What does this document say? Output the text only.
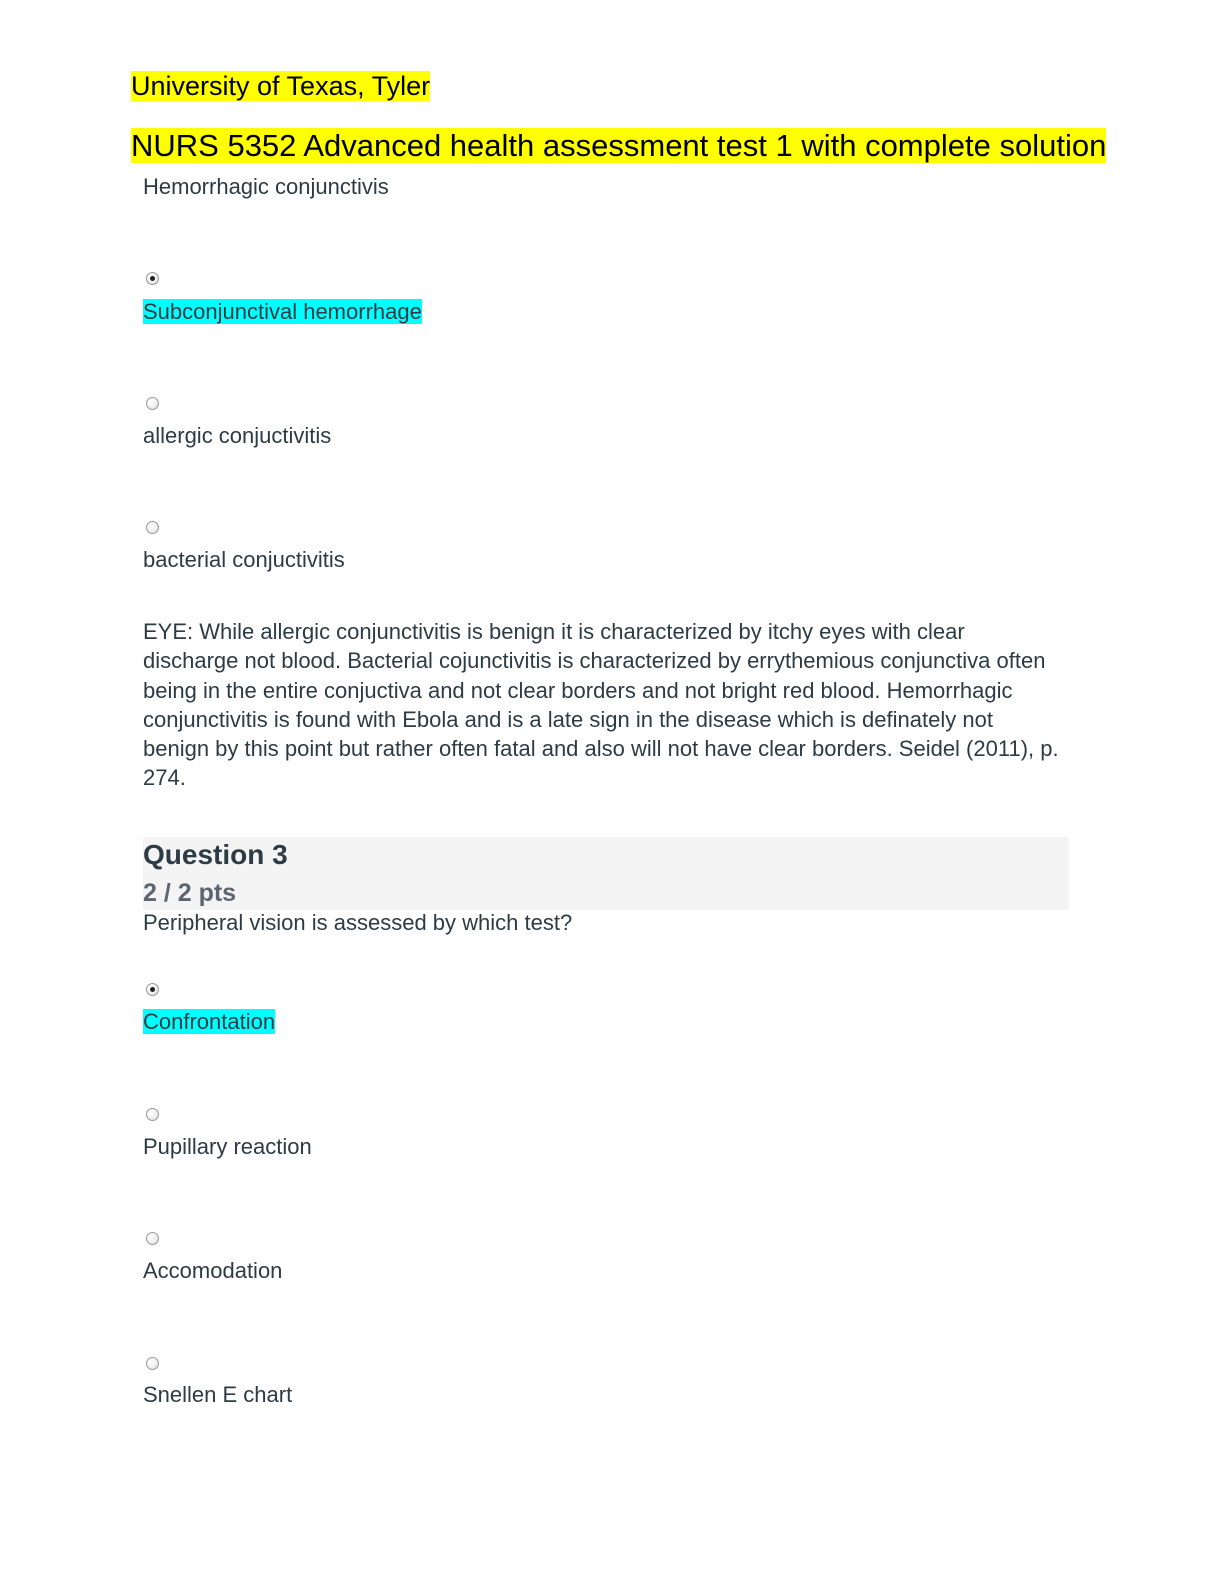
University of Texas, Tyler
NURS 5352 Advanced health assessment test 1 with complete solution
Hemorrhagic conjunctivis
Subconjunctival hemorrhage
allergic conjuctivitis
bacterial conjuctivitis
EYE: While allergic conjunctivitis is benign it is characterized by itchy eyes with clear discharge not blood. Bacterial cojunctivitis is characterized by errythemious conjunctiva often being in the entire conjuctiva and not clear borders and not bright red blood. Hemorrhagic conjunctivitis is found with Ebola and is a late sign in the disease which is definately not benign by this point but rather often fatal and also will not have clear borders. Seidel (2011), p. 274.
Question 3
2 / 2 pts
Peripheral vision is assessed by which test?
Confrontation
Pupillary reaction
Accomodation
Snellen E chart
